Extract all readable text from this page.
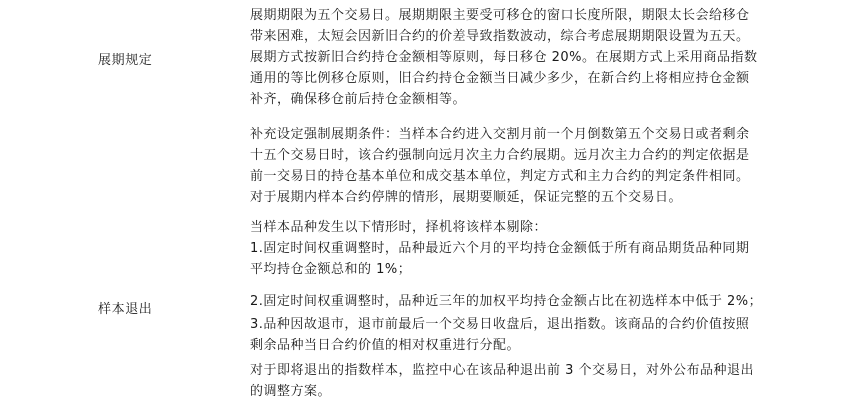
展期规定

展期期限为五个交易日。展期期限主要受可移仓的窗口长度所限，期限太长会给移仓
带来困难，太短会因新旧合约的价差导致指数波动，综合考虑展期期限设置为五天。

展期方式按新旧合约持仓金额相等原则，每日移仓 20%。在展期方式上采用商品指数
通用的等比例移仓原则，旧合约持仓金额当日减少多少，在新合约上将相应持仓金额
补齐，确保移仓前后持仓金额相等。

补充设定强制展期条件：当样本合约进入交割月前一个月倒数第五个交易日或者剩余
十五个交易日时，该合约强制向远月次主力合约展期。远月次主力合约的判定依据是
前一交易日的持仓基本单位和成交基本单位，判定方式和主力合约的判定条件相同。
对于展期内样本合约停牌的情形，展期要顺延，保证完整的五个交易日。

样本退出

当样本品种发生以下情形时，择机将该样本剔除：

1.固定时间权重调整时，品种最近六个月的平均持仓金额低于所有商品期货品种同期
平均持仓金额总和的 1%；

2.固定时间权重调整时，品种近三年的加权平均持仓金额占比在初选样本中低于 2%；

3.品种因故退市，退市前最后一个交易日收盘后，退出指数。该商品的合约价值按照
剩余品种当日合约价值的相对权重进行分配。

对于即将退出的指数样本，监控中心在该品种退出前 3 个交易日，对外公布品种退出
的调整方案。
